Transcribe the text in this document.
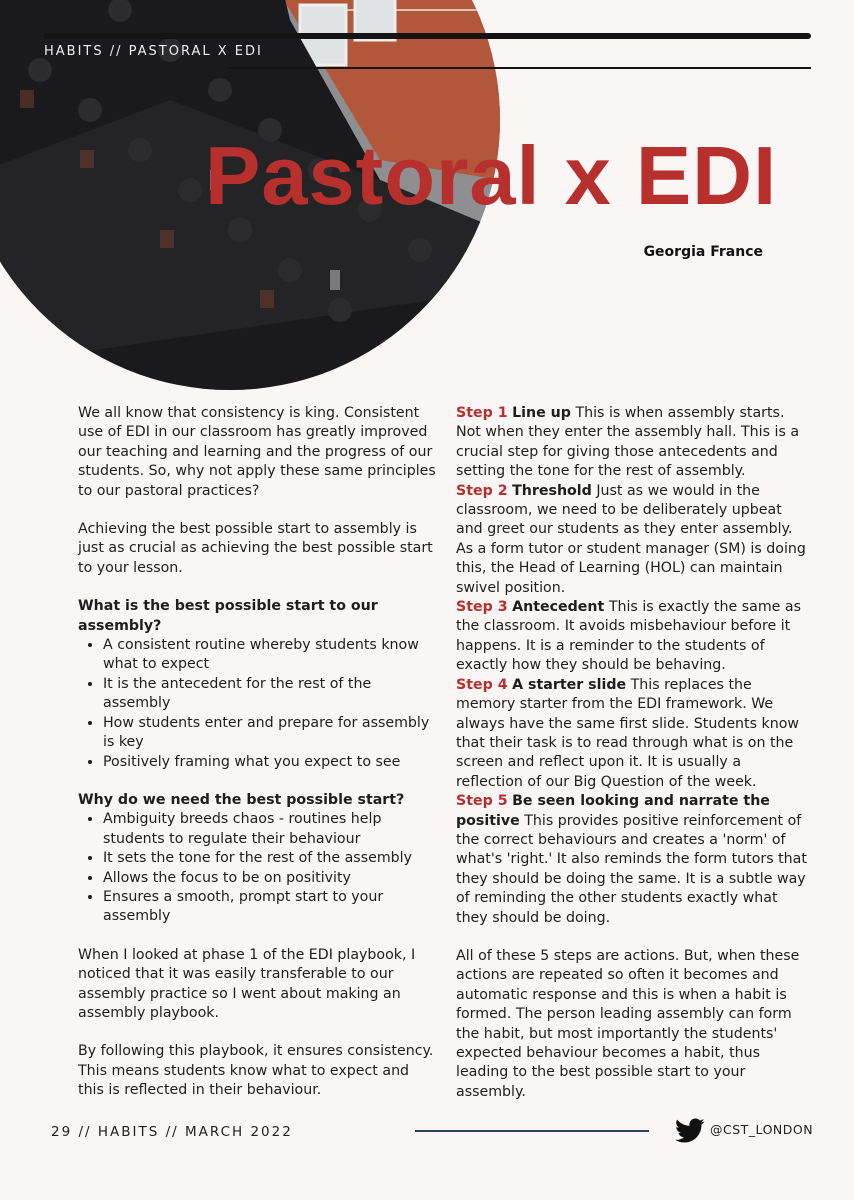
HABITS // PASTORAL X EDI
Pastoral x EDI
Georgia France

We all know that consistency is king. Consistent use of EDI in our classroom has greatly improved our teaching and learning and the progress of our students. So, why not apply these same principles to our pastoral practices?

Achieving the best possible start to assembly is just as crucial as achieving the best possible start to your lesson.

What is the best possible start to our assembly?
• A consistent routine whereby students know what to expect
• It is the antecedent for the rest of the assembly
• How students enter and prepare for assembly is key
• Positively framing what you expect to see
Why do we need the best possible start?
• Ambiguity breeds chaos - routines help students to regulate their behaviour
• It sets the tone for the rest of the assembly
• Allows the focus to be on positivity
• Ensures a smooth, prompt start to your assembly

When I looked at phase 1 of the EDI playbook, I noticed that it was easily transferable to our assembly practice so I went about making an assembly playbook.

By following this playbook, it ensures consistency. This means students know what to expect and this is reflected in their behaviour.

Step 1 Line up This is when assembly starts. Not when they enter the assembly hall. This is a crucial step for giving those antecedents and setting the tone for the rest of assembly.

Step 2 Threshold Just as we would in the classroom, we need to be deliberately upbeat and greet our students as they enter assembly. As a form tutor or student manager (SM) is doing this, the Head of Learning (HOL) can maintain swivel position.

Step 3 Antecedent This is exactly the same as the classroom. It avoids misbehaviour before it happens. It is a reminder to the students of exactly how they should be behaving.

Step 4 A starter slide This replaces the memory starter from the EDI framework. We always have the same first slide. Students know that their task is to read through what is on the screen and reflect upon it. It is usually a reflection of our Big Question of the week.

Step 5 Be seen looking and narrate the positive This provides positive reinforcement of the correct behaviours and creates a 'norm' of what's 'right.' It also reminds the form tutors that they should be doing the same. It is a subtle way of reminding the other students exactly what they should be doing.

All of these 5 steps are actions. But, when these actions are repeated so often it becomes and automatic response and this is when a habit is formed. The person leading assembly can form the habit, but most importantly the students' expected behaviour becomes a habit, thus leading to the best possible start to your assembly.

29 // HABITS // MARCH 2022	@CST_LONDON
